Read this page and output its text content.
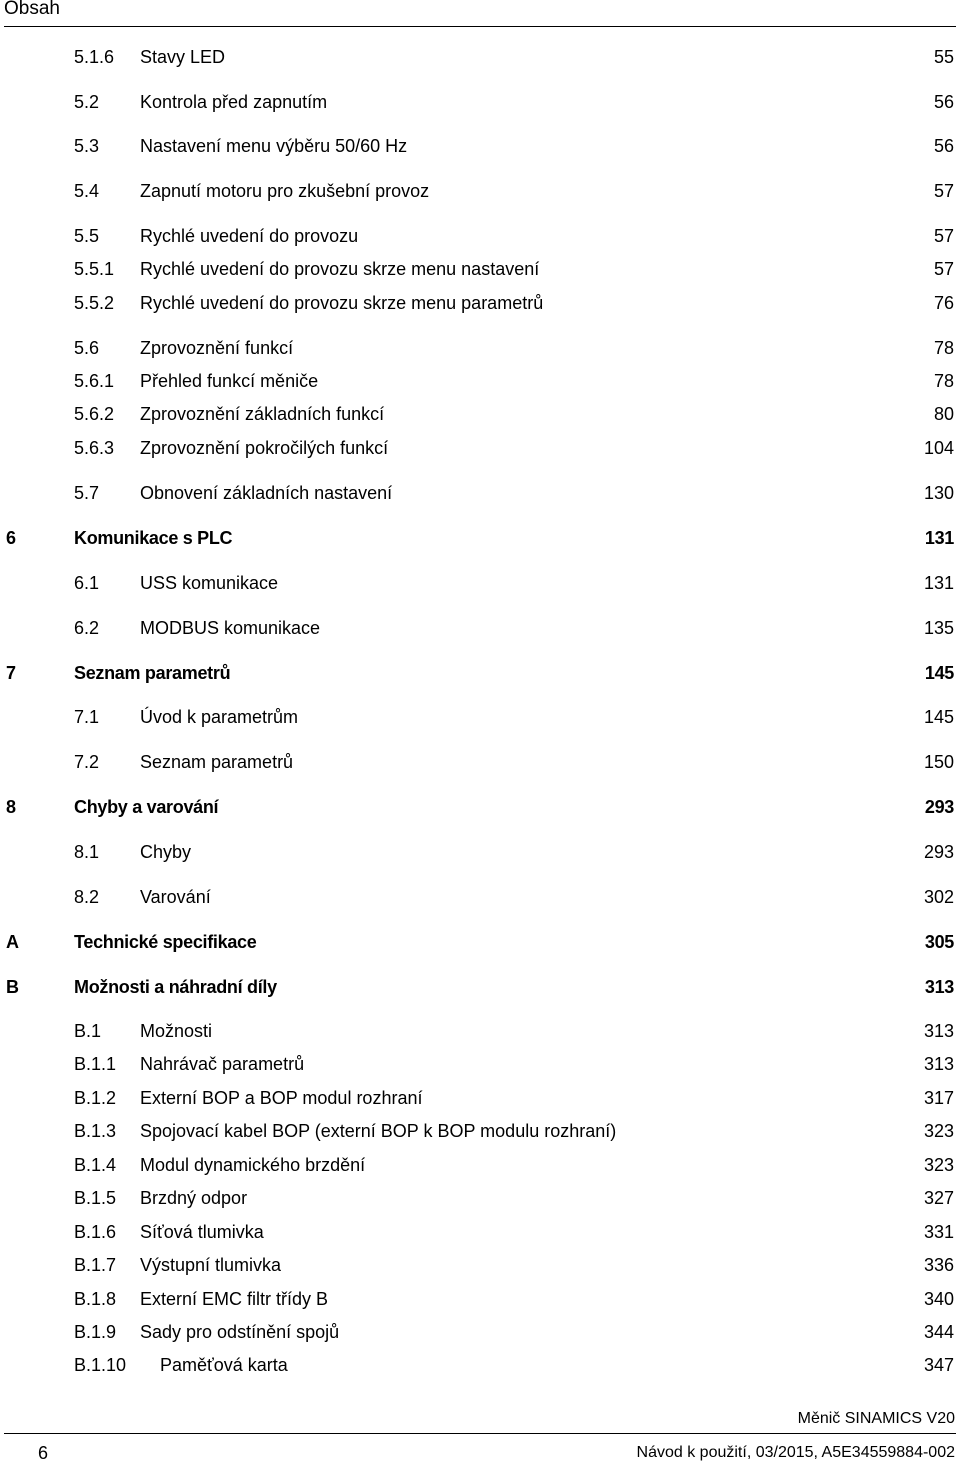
Obsah
5.1.6 Stavy LED	55
5.2 Kontrola před zapnutím	56
5.3 Nastavení menu výběru 50/60 Hz	56
5.4 Zapnutí motoru pro zkušební provoz	57
5.5 Rychlé uvedení do provozu	57
5.5.1 Rychlé uvedení do provozu skrze menu nastavení	57
5.5.2 Rychlé uvedení do provozu skrze menu parametrů	76
5.6 Zprovoznění funkcí	78
5.6.1 Přehled funkcí měniče	78
5.6.2 Zprovoznění základních funkcí	80
5.6.3 Zprovoznění pokročilých funkcí	104
5.7 Obnovení základních nastavení	130
6	Komunikace s PLC	131
6.1 USS komunikace	131
6.2 MODBUS komunikace	135
7	Seznam parametrů	145
7.1 Úvod k parametrům	145
7.2 Seznam parametrů	150
8	Chyby a varování	293
8.1 Chyby	293
8.2 Varování	302
A	Technické specifikace	305
B	Možnosti a náhradní díly	313
B.1 Možnosti	313
B.1.1 Nahrávač parametrů	313
B.1.2 Externí BOP a BOP modul rozhraní	317
B.1.3 Spojovací kabel BOP (externí BOP k BOP modulu rozhraní)	323
B.1.4 Modul dynamického brzdění	323
B.1.5 Brzdný odpor	327
B.1.6 Síťová tlumivka	331
B.1.7 Výstupní tlumivka	336
B.1.8 Externí EMC filtr třídy B	340
B.1.9 Sady pro odstínění spojů	344
B.1.10 Paměťová karta	347
Měnič SINAMICS V20
6	Návod k použití, 03/2015, A5E34559884-002
